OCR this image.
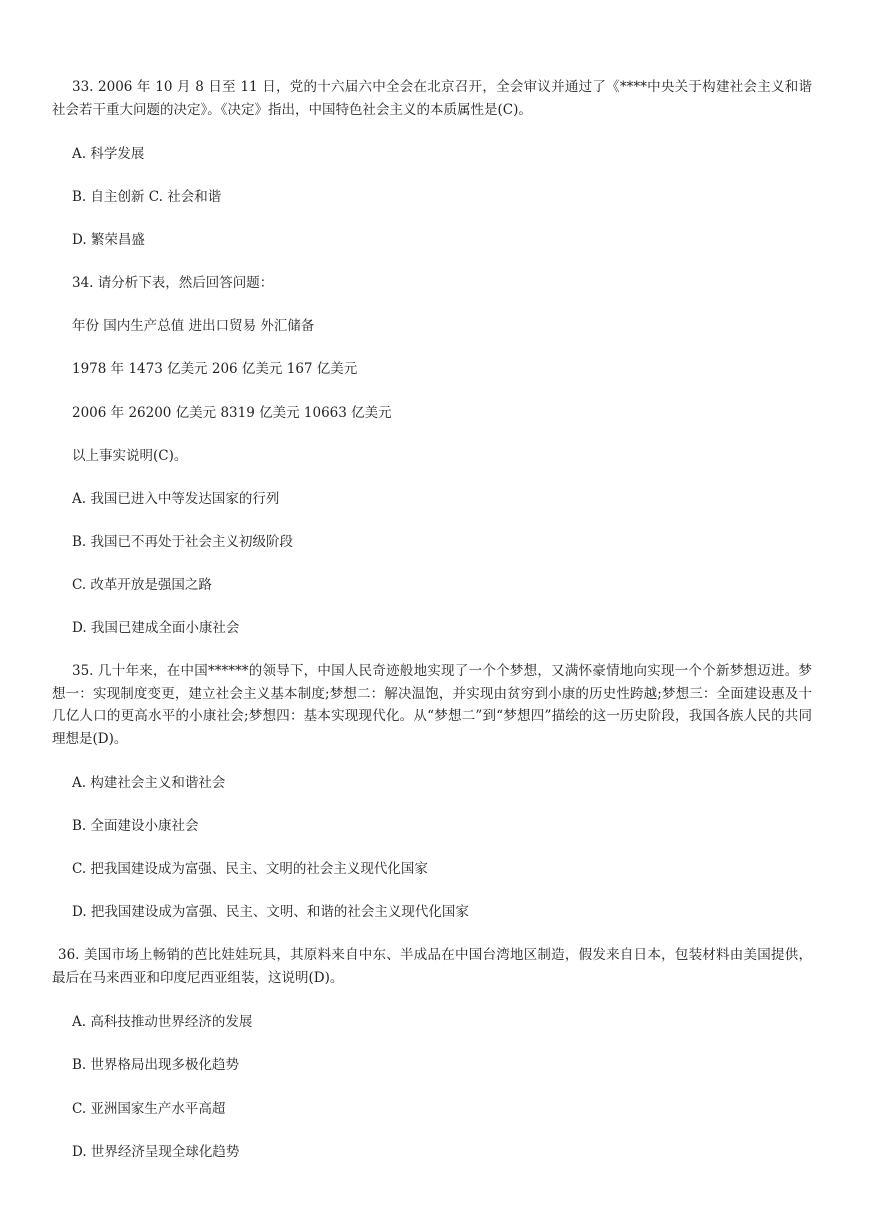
33. 2006 年 10 月 8 日至 11 日，党的十六届六中全会在北京召开，全会审议并通过了《****中央关于构建社会主义和谐社会若干重大问题的决定》。《决定》指出，中国特色社会主义的本质属性是(C)。
A. 科学发展
B. 自主创新 C. 社会和谐
D. 繁荣昌盛
34. 请分析下表，然后回答问题：
年份 国内生产总值 进出口贸易 外汇储备
1978 年 1473 亿美元 206 亿美元 167 亿美元
2006 年 26200 亿美元 8319 亿美元 10663 亿美元
以上事实说明(C)。
A. 我国已进入中等发达国家的行列
B. 我国已不再处于社会主义初级阶段
C. 改革开放是强国之路
D. 我国已建成全面小康社会
35. 几十年来，在中国******的领导下，中国人民奇迹般地实现了一个个梦想，又满怀豪情地向实现一个个新梦想迈进。梦想一：实现制度变更，建立社会主义基本制度;梦想二：解决温饱，并实现由贫穷到小康的历史性跨越;梦想三：全面建设惠及十几亿人口的更高水平的小康社会;梦想四：基本实现现代化。从“梦想二”到“梦想四”描绘的这一历史阶段，我国各族人民的共同理想是(D)。
A. 构建社会主义和谐社会
B. 全面建设小康社会
C. 把我国建设成为富强、民主、文明的社会主义现代化国家
D. 把我国建设成为富强、民主、文明、和谐的社会主义现代化国家
36. 美国市场上畅销的芭比娃娃玩具，其原料来自中东、半成品在中国台湾地区制造，假发来自日本，包装材料由美国提供，最后在马来西亚和印度尼西亚组装，这说明(D)。
A. 高科技推动世界经济的发展
B. 世界格局出现多极化趋势
C. 亚洲国家生产水平高超
D. 世界经济呈现全球化趋势
